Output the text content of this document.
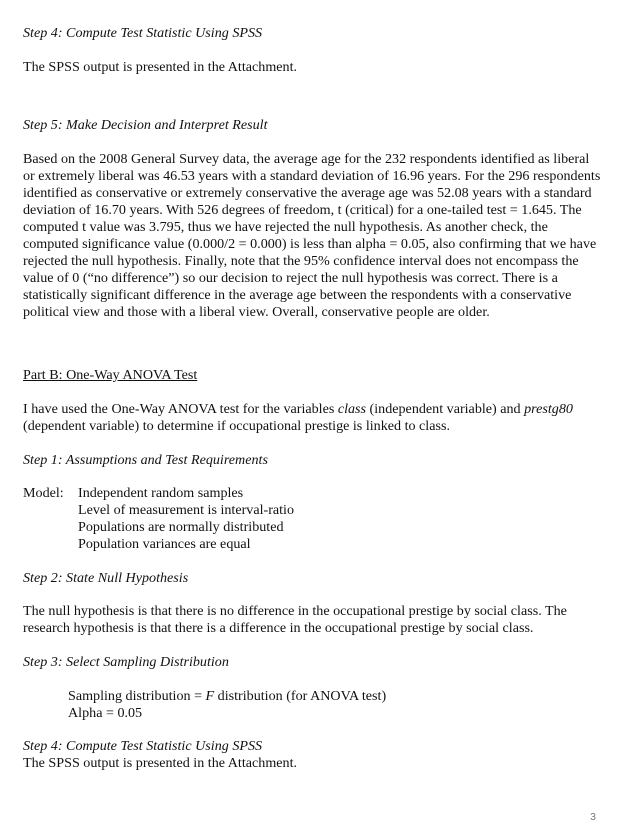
Step 4: Compute Test Statistic Using SPSS

The SPSS output is presented in the Attachment.

Step 5: Make Decision and Interpret Result

Based on the 2008 General Survey data, the average age for the 232 respondents identified as liberal or extremely liberal was 46.53 years with a standard deviation of 16.96 years. For the 296 respondents identified as conservative or extremely conservative the average age was 52.08 years with a standard deviation of 16.70 years. With 526 degrees of freedom, t (critical) for a one-tailed test = 1.645. The computed t value was 3.795, thus we have rejected the null hypothesis. As another check, the computed significance value (0.000/2 = 0.000) is less than alpha = 0.05, also confirming that we have rejected the null hypothesis. Finally, note that the 95% confidence interval does not encompass the value of 0 (“no difference”) so our decision to reject the null hypothesis was correct. There is a statistically significant difference in the average age between the respondents with a conservative political view and those with a liberal view. Overall, conservative people are older.

Part B: One-Way ANOVA Test

I have used the One-Way ANOVA test for the variables class (independent variable) and prestg80 (dependent variable) to determine if occupational prestige is linked to class.

Step 1: Assumptions and Test Requirements

Model:	Independent random samples
Level of measurement is interval-ratio
Populations are normally distributed
Population variances are equal

Step 2: State Null Hypothesis

The null hypothesis is that there is no difference in the occupational prestige by social class. The research hypothesis is that there is a difference in the occupational prestige by social class.

Step 3: Select Sampling Distribution

Sampling distribution = F distribution (for ANOVA test)
Alpha = 0.05

Step 4: Compute Test Statistic Using SPSS

The SPSS output is presented in the Attachment.

3
